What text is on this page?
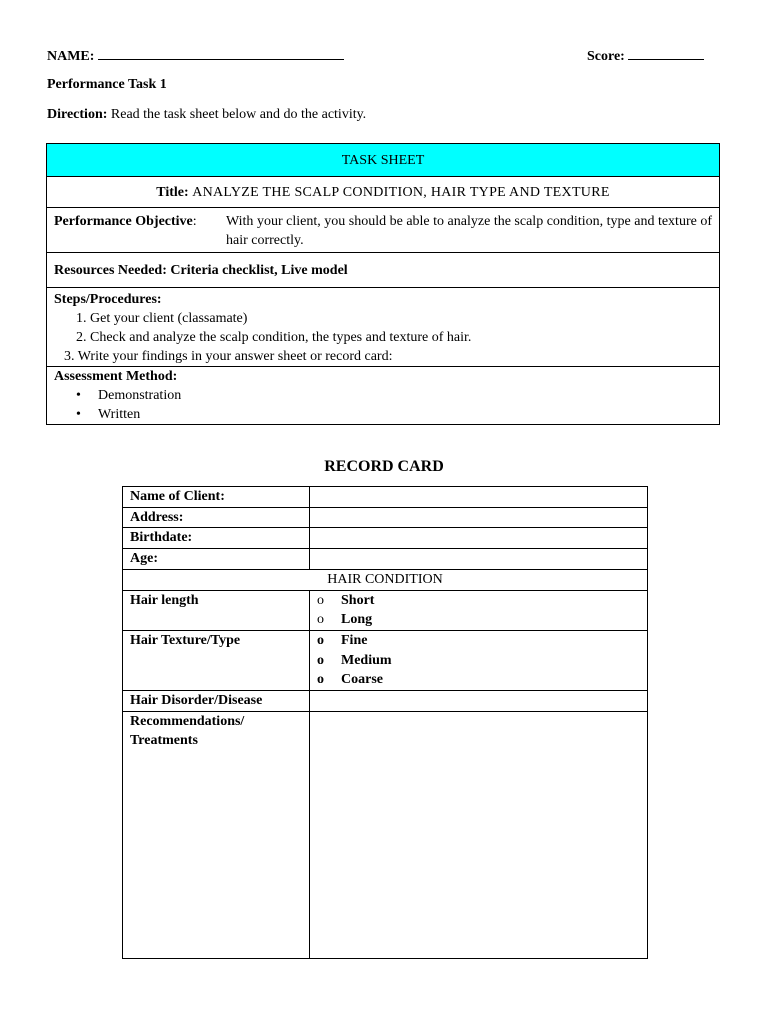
NAME:	Score:
Performance Task 1
Direction: Read the task sheet below and do the activity.
TASK SHEET
Title: ANALYZE THE SCALP CONDITION, HAIR TYPE AND TEXTURE

Performance Objective:	With your client, you should be able to analyze the scalp condition, type and texture of hair correctly.

Resources Needed: Criteria checklist, Live model

Steps/Procedures:
1. Get your client (classamate)
2. Check and analyze the scalp condition, the types and texture of hair.
3. Write your findings in your answer sheet or record card:

Assessment Method:
• Demonstration
• Written
RECORD CARD
Name of Client:	
Address:	
Birthdate:	
Age:	
HAIR CONDITION	
Hair length	o Short
o Long

Hair Texture/Type	o Fine
o Medium
o Coarse

Hair Disorder/Disease	

Recommendations/
Treatments	
